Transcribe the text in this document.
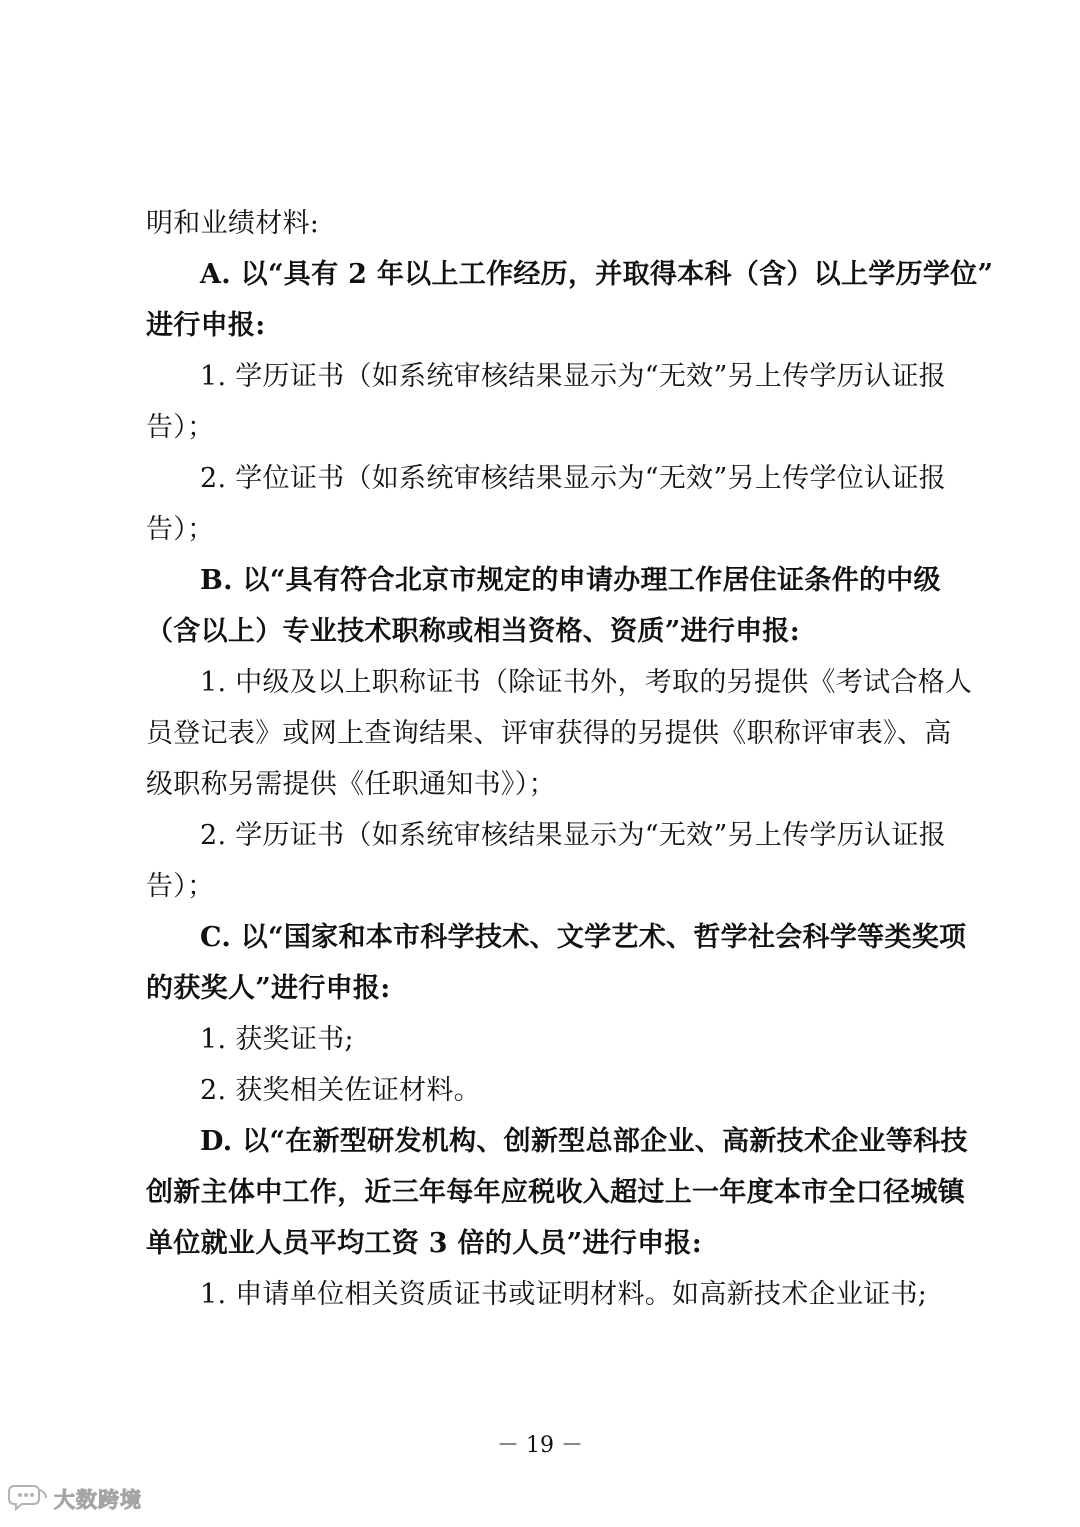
明和业绩材料:
A. 以“具有 2 年以上工作经历，并取得本科（含）以上学历学位”
进行申报:
1. 学历证书（如系统审核结果显示为“无效”另上传学历认证报
告）；
2. 学位证书（如系统审核结果显示为“无效”另上传学位认证报
告）；
B. 以“具有符合北京市规定的申请办理工作居住证条件的中级
（含以上）专业技术职称或相当资格、资质”进行申报:
1. 中级及以上职称证书（除证书外，考取的另提供《考试合格人
员登记表》或网上查询结果、评审获得的另提供《职称评审表》、高
级职称另需提供《任职通知书》）；
2. 学历证书（如系统审核结果显示为“无效”另上传学历认证报
告）；
C. 以“国家和本市科学技术、文学艺术、哲学社会科学等类奖项
的获奖人”进行申报:
1. 获奖证书;
2. 获奖相关佐证材料。
D. 以“在新型研发机构、创新型总部企业、高新技术企业等科技
创新主体中工作，近三年每年应税收入超过上一年度本市全口径城镇
单位就业人员平均工资 3 倍的人员”进行申报:
1. 申请单位相关资质证书或证明材料。如高新技术企业证书;
－ 19 －
大数跨境
